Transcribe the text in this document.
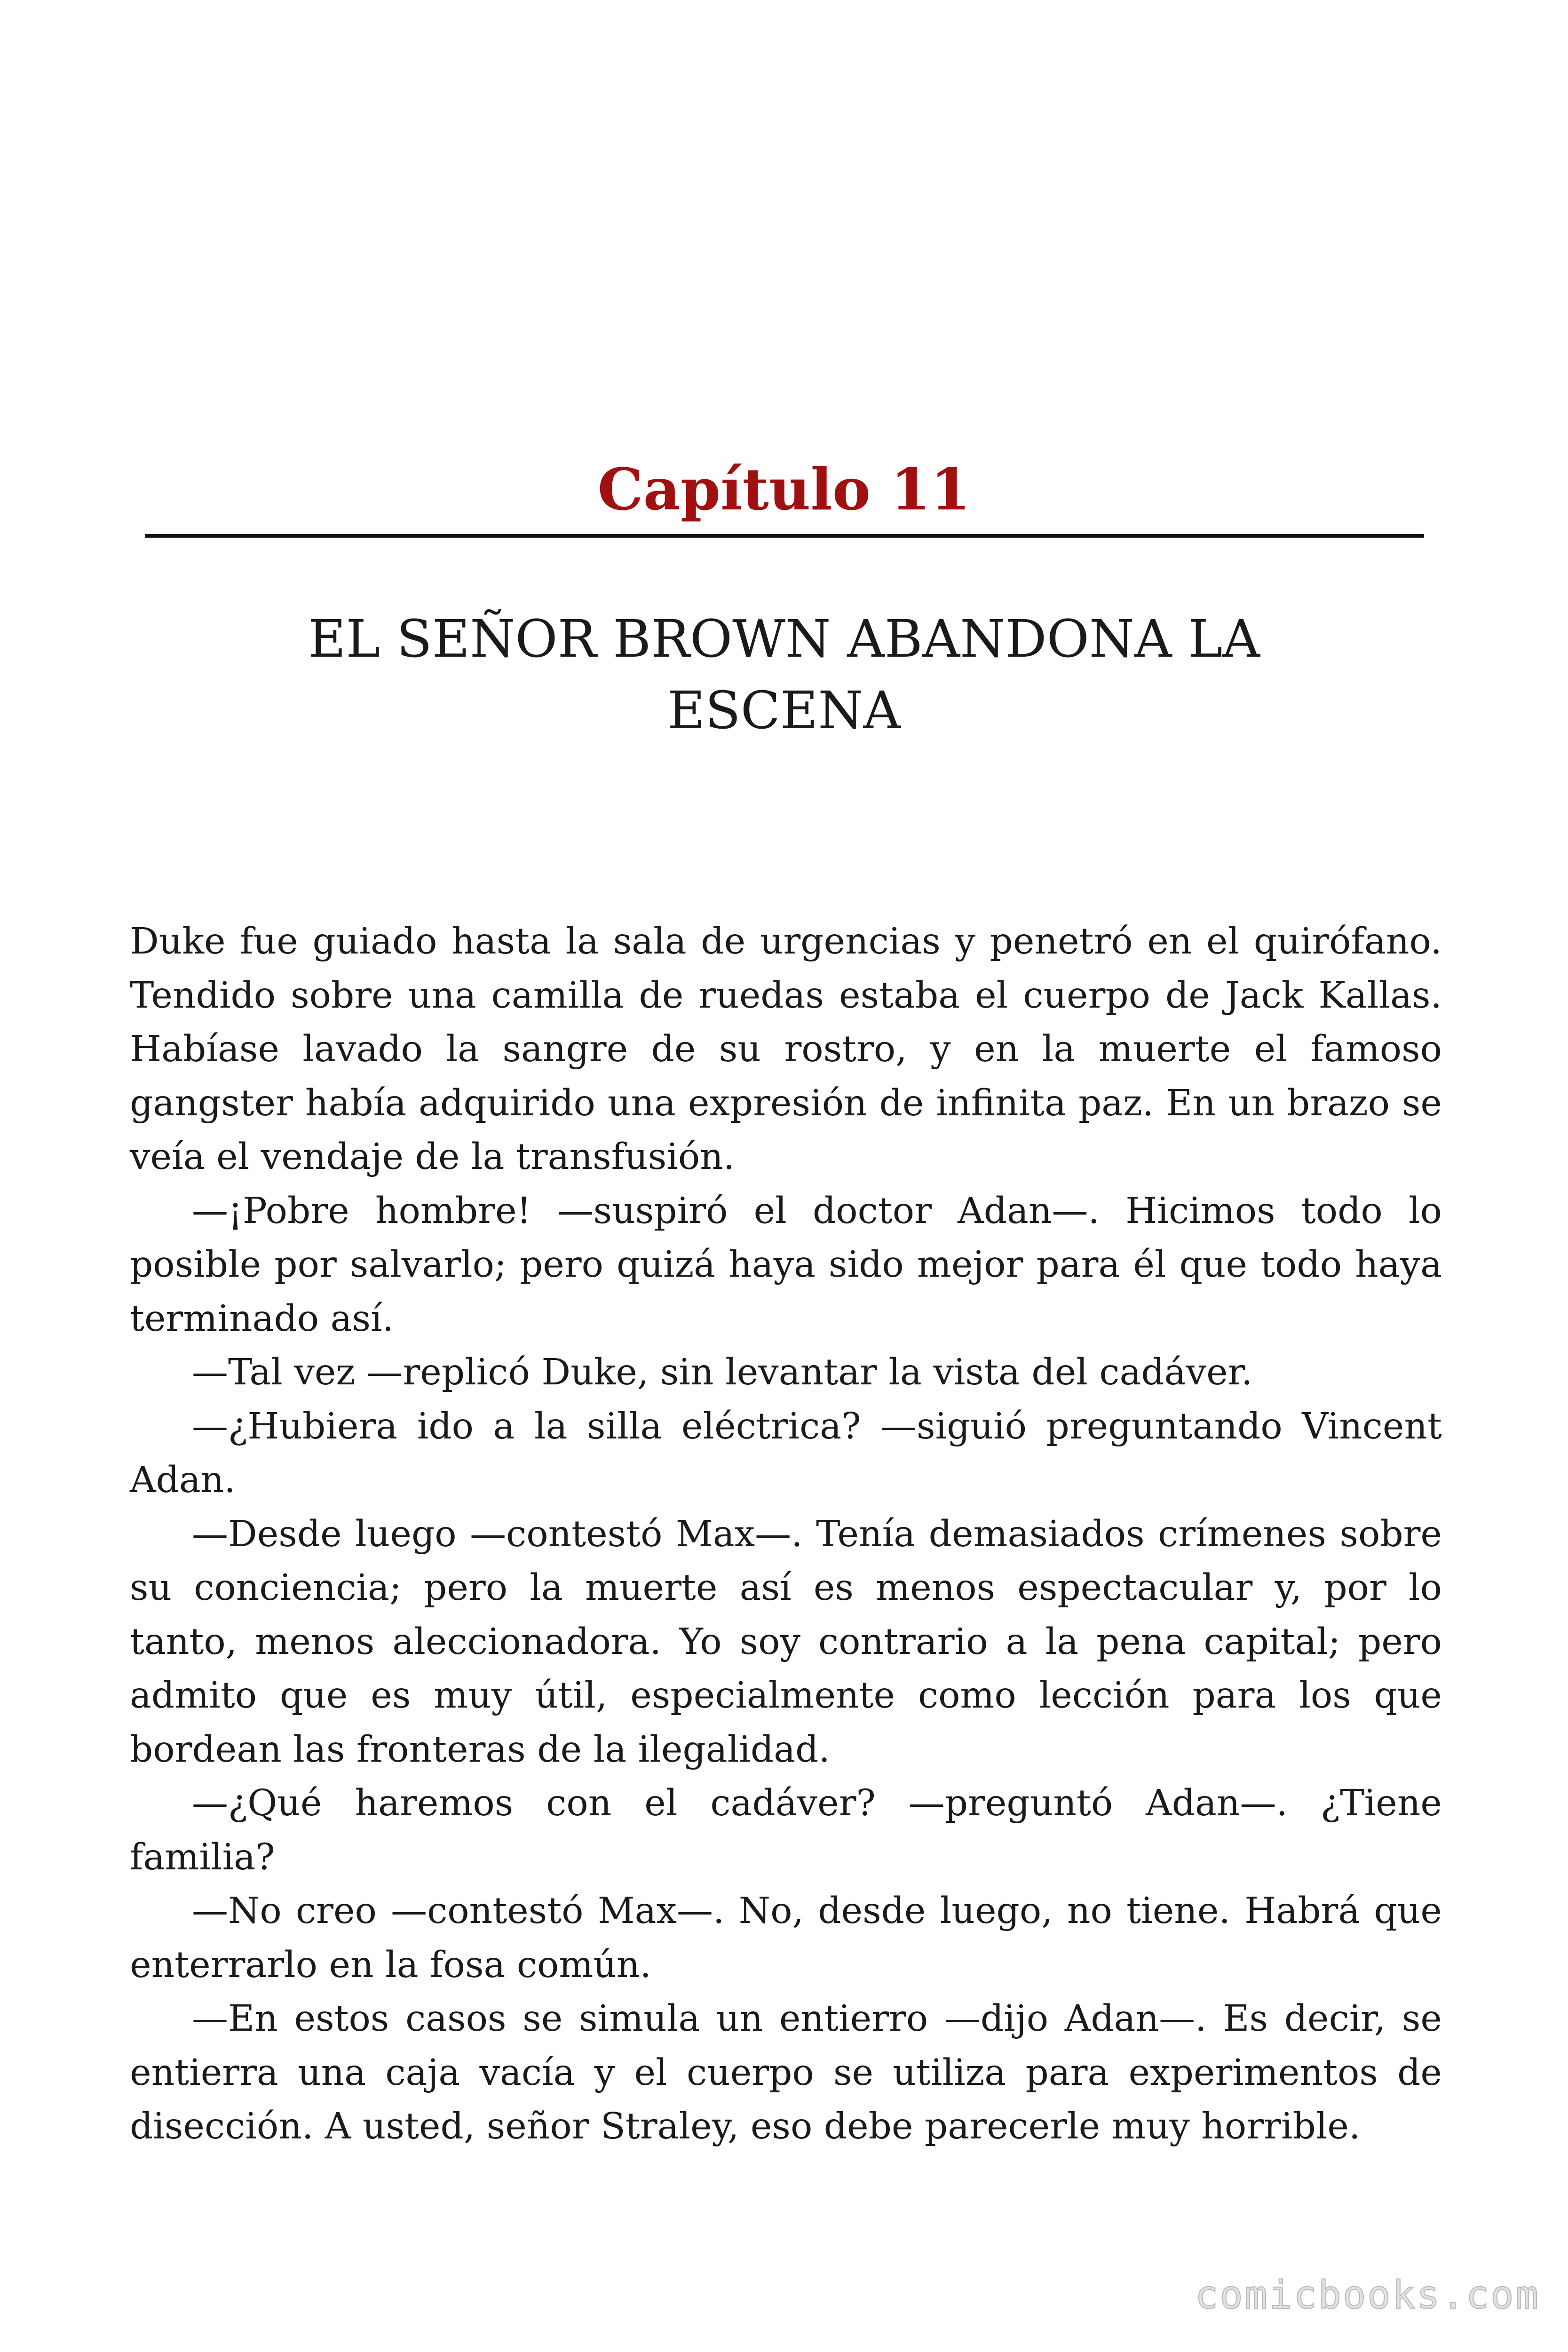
Capítulo 11
EL SEÑOR BROWN ABANDONA LA ESCENA

Duke fue guiado hasta la sala de urgencias y penetró en el quirófano. Tendido sobre una camilla de ruedas estaba el cuerpo de Jack Kallas. Habíase lavado la sangre de su rostro, y en la muerte el famoso gangster había adquirido una expresión de infinita paz. En un brazo se veía el vendaje de la transfusión.

—¡Pobre hombre! —suspiró el doctor Adan—. Hicimos todo lo posible por salvarlo; pero quizá haya sido mejor para él que todo haya terminado así.

—Tal vez —replicó Duke, sin levantar la vista del cadáver.

—¿Hubiera ido a la silla eléctrica? —siguió preguntando Vincent Adan.

—Desde luego —contestó Max—. Tenía demasiados crímenes sobre su conciencia; pero la muerte así es menos espectacular y, por lo tanto, menos aleccionadora. Yo soy contrario a la pena capital; pero admito que es muy útil, especialmente como lección para los que bordean las fronteras de la ilegalidad.

—¿Qué haremos con el cadáver? —preguntó Adan—. ¿Tiene familia?

—No creo —contestó Max—. No, desde luego, no tiene. Habrá que enterrarlo en la fosa común.

—En estos casos se simula un entierro —dijo Adan—. Es decir, se entierra una caja vacía y el cuerpo se utiliza para experimentos de disección. A usted, señor Straley, eso debe parecerle muy horrible.

comicbooks.com
